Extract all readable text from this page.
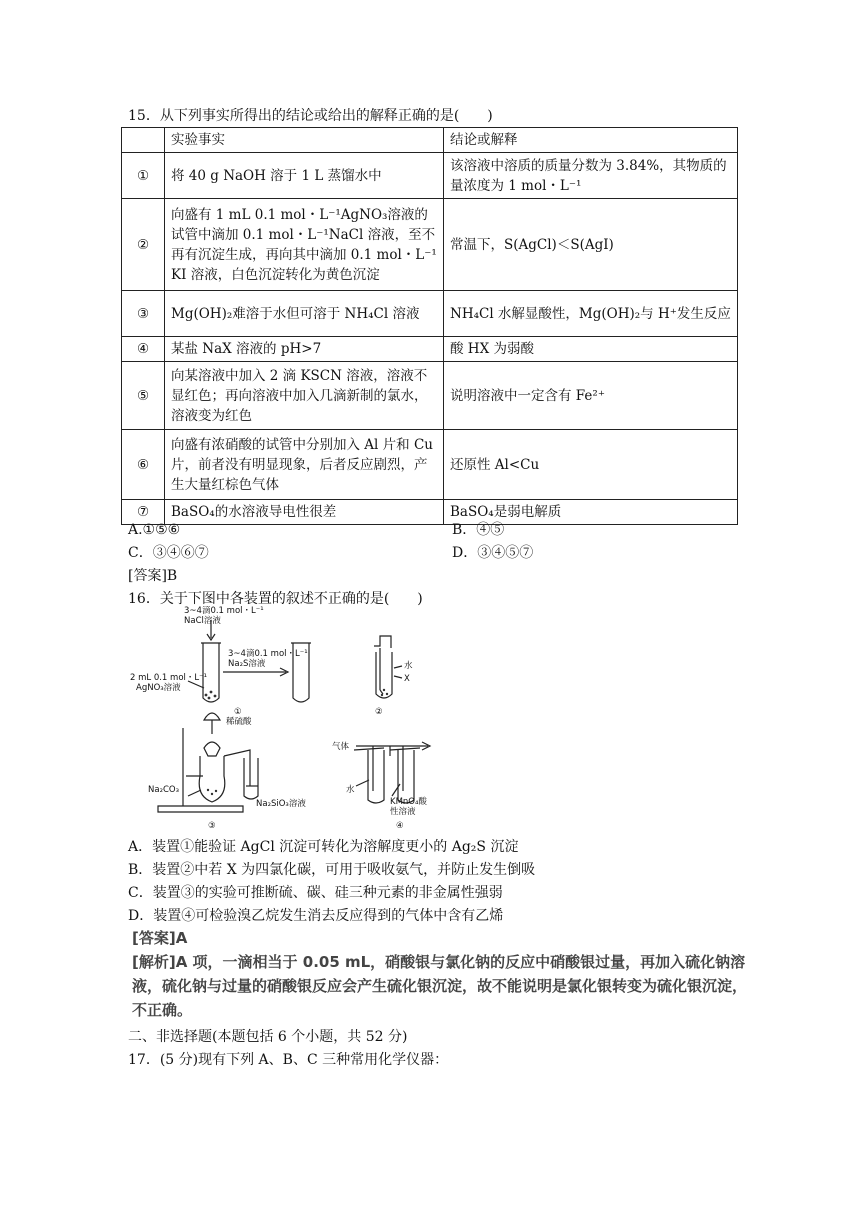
15．从下列事实所得出的结论或给出的解释正确的是(　　)
	实验事实	结论或解释
①	将 40 g NaOH 溶于 1 L 蒸馏水中	该溶液中溶质的质量分数为 3.84%，其物质的量浓度为 1 mol・L⁻¹
②	向盛有 1 mL 0.1 mol・L⁻¹AgNO₃溶液的试管中滴加 0.1 mol・L⁻¹NaCl 溶液，至不再有沉淀生成，再向其中滴加 0.1 mol・L⁻¹ KI 溶液，白色沉淀转化为黄色沉淀	常温下，S(AgCl)＜S(AgI)
③	Mg(OH)₂难溶于水但可溶于 NH₄Cl 溶液	NH₄Cl 水解显酸性，Mg(OH)₂与 H⁺发生反应
④	某盐 NaX 溶液的 pH>7	酸 HX 为弱酸
⑤	向某溶液中加入 2 滴 KSCN 溶液，溶液不显红色；再向溶液中加入几滴新制的氯水，溶液变为红色	说明溶液中一定含有 Fe²⁺
⑥	向盛有浓硝酸的试管中分别加入 Al 片和 Cu 片，前者没有明显现象，后者反应剧烈，产生大量红棕色气体	还原性 Al<Cu
⑦	BaSO₄的水溶液导电性很差	BaSO₄是弱电解质
A.①⑤⑥	B．④⑤
C．③④⑥⑦	D．③④⑤⑦
[答案]B
16．关于下图中各装置的叙述不正确的是(　　)
3~4滴0.1 mol・L⁻¹
NaCl溶液
3~4滴0.1 mol・L⁻¹
Na₂S溶液
2 mL 0.1 mol・L⁻¹
AgNO₃溶液
①
水
X
②
稀硫酸
Na₂CO₃
Na₂SiO₃溶液
③
气体
水
KMnO₄酸
性溶液
④
A．装置①能验证 AgCl 沉淀可转化为溶解度更小的 Ag₂S 沉淀
B．装置②中若 X 为四氯化碳，可用于吸收氨气，并防止发生倒吸
C．装置③的实验可推断硫、碳、硅三种元素的非金属性强弱
D．装置④可检验溴乙烷发生消去反应得到的气体中含有乙烯
[答案]A
[解析]A 项，一滴相当于 0.05 mL，硝酸银与氯化钠的反应中硝酸银过量，再加入硫化钠溶
液，硫化钠与过量的硝酸银反应会产生硫化银沉淀，故不能说明是氯化银转变为硫化银沉淀，
不正确。
二、非选择题(本题包括 6 个小题，共 52 分)
17．(5 分)现有下列 A、B、C 三种常用化学仪器：
